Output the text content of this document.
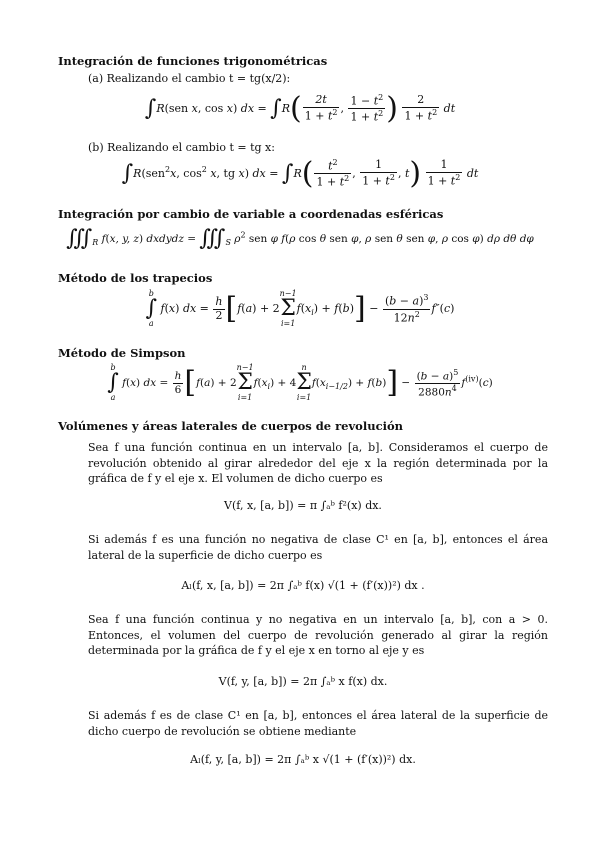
Integración de funciones trigonométricas
(a) Realizando el cambio t = tg(x/2):
∫R(sen x, cos x) dx = $\int R( \frac{2t}{1 + t^2}$ , $\frac{1 - t^2}{1 + t^2}$ ) $\frac{2}{1 + t^2}$ dt
(b) Realizando el cambio t = tg x:
∫R(sen$^2$x, $\cos^2 x$, tg x) dx = $\int R( \frac{t^2}{1 + t^2}$ , $\frac{1}{1 + t^2}$ , $t) \frac{1}{1 + t^2}$ dt
Integración por cambio de variable a coordenadas esféricas
$∭_R$ f(x, y, z) dxdydz = $∭_S$ $\rho^2$ sen φ f(ρ cos θ sen φ, ρ sen θ sen φ, ρ cos φ) dρ dθ dφ
Método de los trapecios
b
∫
a
f(x) dx = $\frac{h}{2} [f(a) + 2$
n−1
Σ
i=1
$f(x_i) + f(b)] - \frac{(b - a)^3}{12n^2} f''(c)$
Método de Simpson
b
∫
a
f(x) dx = $\frac{h}{6} [f(a) + 2$
n−1
Σ
i=1
$f(x_i) + 4$
n
Σ
i=1
$f(x_{i-1/2}) + f(b)] - \frac{(b - a)^5}{2880n^4} f^{(iv)}(c)$
Volúmenes y áreas laterales de cuerpos de revolución
Sea f una función continua en un intervalo [a, b]. Consideramos el cuerpo de revolución obtenido al girar alrededor del eje x la región determinada por la gráfica de f y el eje x. El volumen de dicho cuerpo es
V(f, x, [a, b]) = π ∫ₐᵇ f²(x) dx.
Si además f es una función no negativa de clase C¹ en [a, b], entonces el área lateral de la superficie de dicho cuerpo es
Aₗ(f, x, [a, b]) = 2π ∫ₐᵇ f(x) √(1 + (f′(x))²) dx .
Sea f una función continua y no negativa en un intervalo [a, b], con a > 0. Entonces, el volumen del cuerpo de revolución generado al girar la región determinada por la gráfica de f y el eje x en torno al eje y es
V(f, y, [a, b]) = 2π ∫ₐᵇ x f(x) dx.
Si además f es de clase C¹ en [a, b], entonces el área lateral de la superficie de dicho cuerpo de revolución se obtiene mediante
Aₗ(f, y, [a, b]) = 2π ∫ₐᵇ x √(1 + (f′(x))²) dx.
